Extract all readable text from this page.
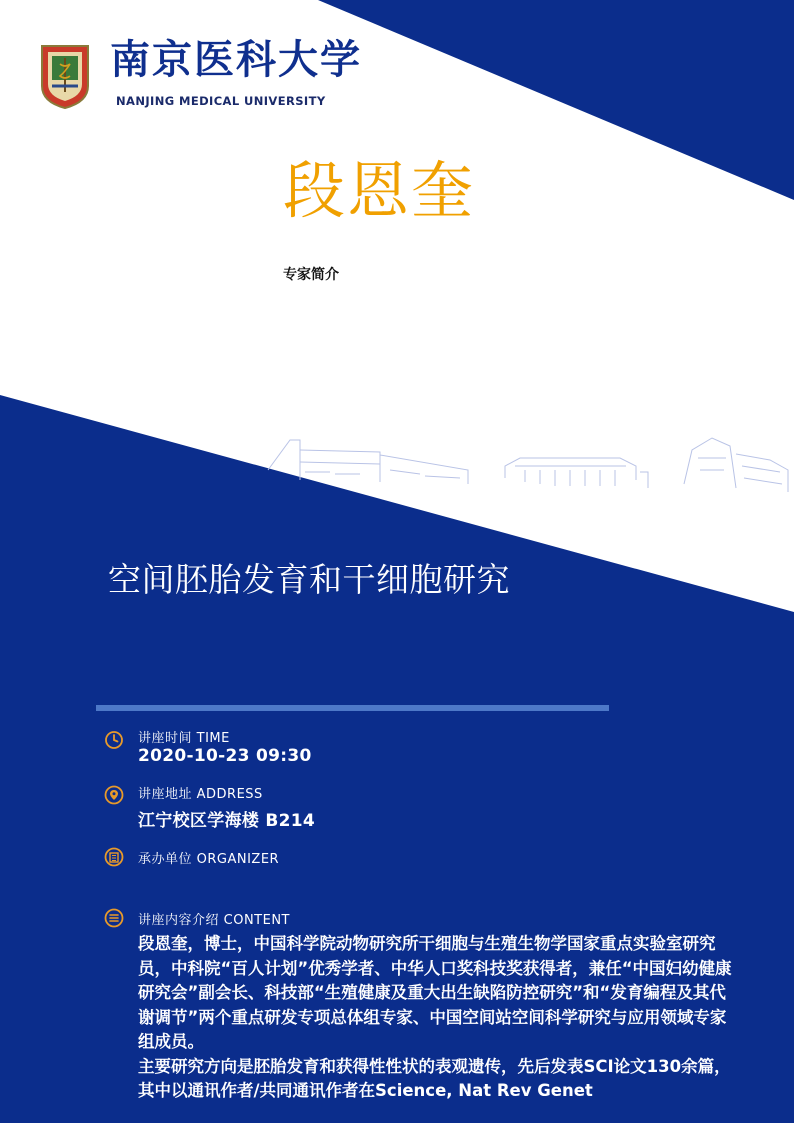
南京医科大学
NANJING MEDICAL UNIVERSITY
段恩奎
专家简介
空间胚胎发育和干细胞研究
讲座时间 TIME
2020-10-23 09:30
讲座地址 ADDRESS
江宁校区学海楼 B214
承办单位 ORGANIZER
讲座内容介绍 CONTENT

段恩奎，博士，中国科学院动物研究所干细胞与生殖生物学国家重点实验室研究员，中科院“百人计划”优秀学者、中华人口奖科技奖获得者，兼任“中国妇幼健康研究会”副会长、科技部“生殖健康及重大出生缺陷防控研究”和“发育编程及其代谢调节”两个重点研发专项总体组专家、中国空间站空间科学研究与应用领域专家组成员。

主要研究方向是胚胎发育和获得性性状的表观遗传，先后发表SCI论文130余篇，其中以通讯作者/共同通讯作者在Science, Nat Rev Genet
